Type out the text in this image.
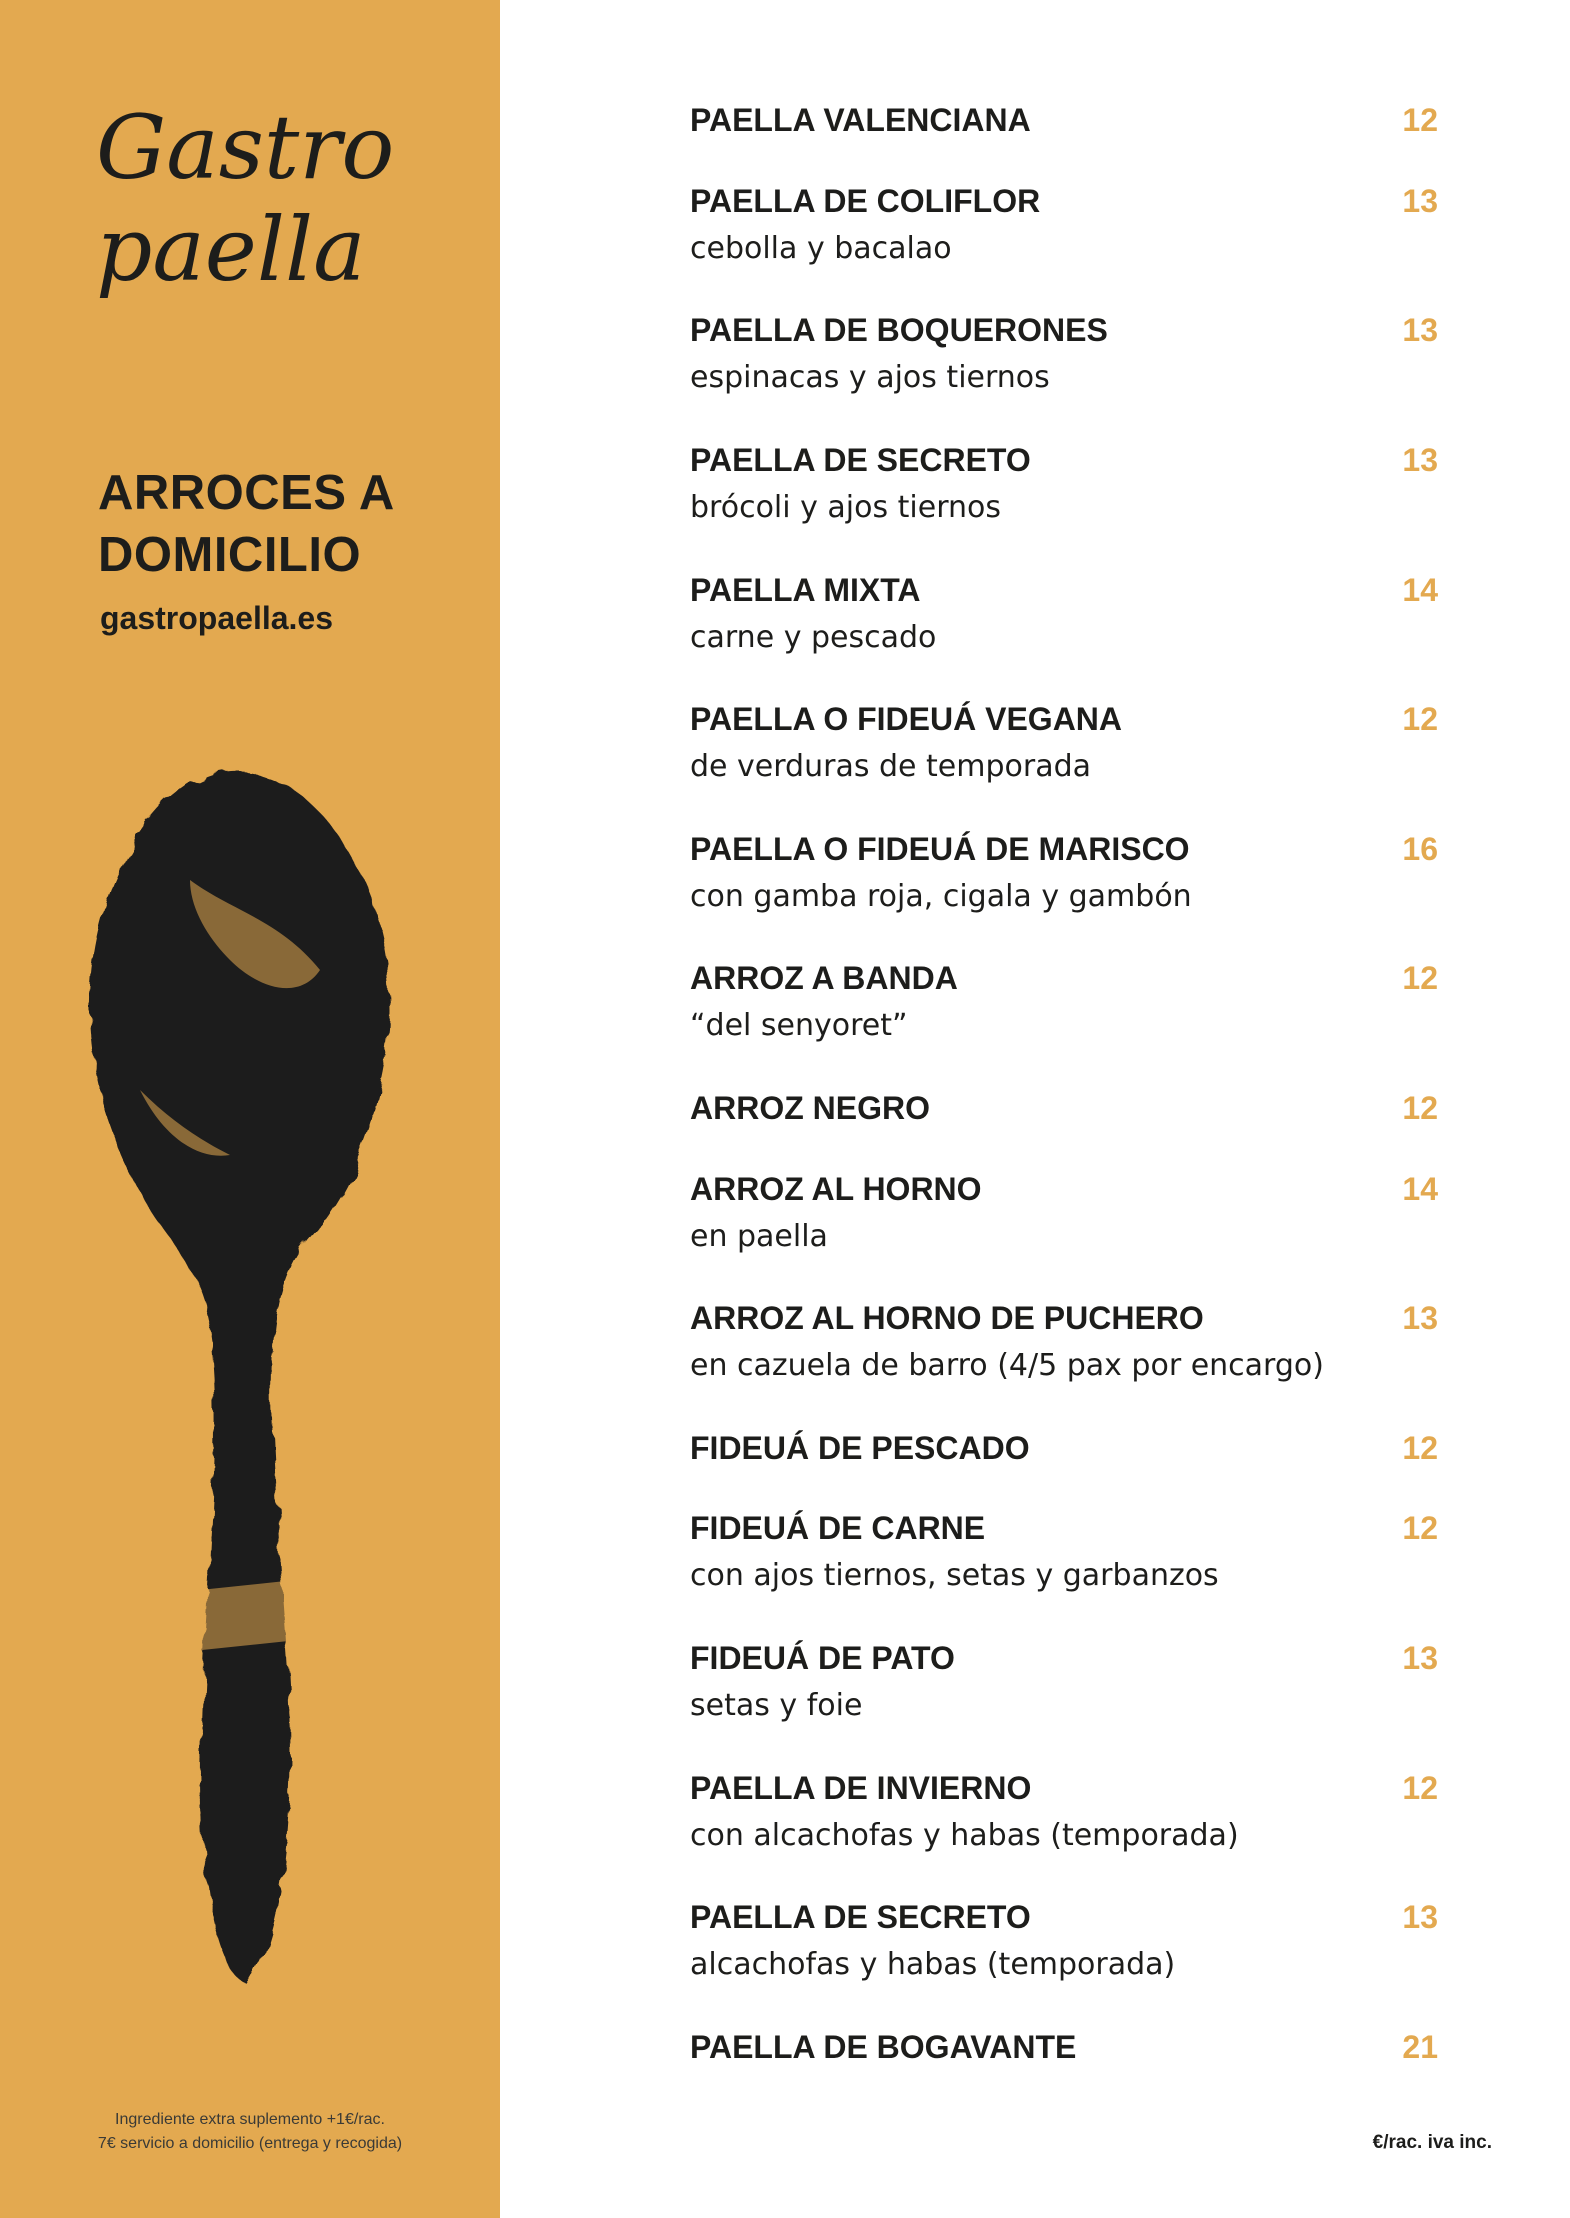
Gastro
paella
ARROCES A
DOMICILIO
gastropaella.es
Ingrediente extra suplemento +1€/rac.
7€ servicio a domicilio (entrega y recogida)
PAELLA VALENCIANA	12
PAELLA DE COLIFLOR	13
cebolla y bacalao
PAELLA DE BOQUERONES	13
espinacas y ajos tiernos
PAELLA DE SECRETO	13
brócoli y ajos tiernos
PAELLA MIXTA	14
carne y pescado
PAELLA O FIDEUÁ VEGANA	12
de verduras de temporada
PAELLA O FIDEUÁ DE MARISCO	16
con gamba roja, cigala y gambón
ARROZ A BANDA	12
“del senyoret”
ARROZ NEGRO	12
ARROZ AL HORNO	14
en paella
ARROZ AL HORNO DE PUCHERO	13
en cazuela de barro (4/5 pax por encargo)
FIDEUÁ DE PESCADO	12
FIDEUÁ DE CARNE	12
con ajos tiernos, setas y garbanzos
FIDEUÁ DE PATO	13
setas y foie
PAELLA DE INVIERNO	12
con alcachofas y habas (temporada)
PAELLA DE SECRETO	13
alcachofas y habas (temporada)
PAELLA DE BOGAVANTE	21
€/rac. iva inc.
